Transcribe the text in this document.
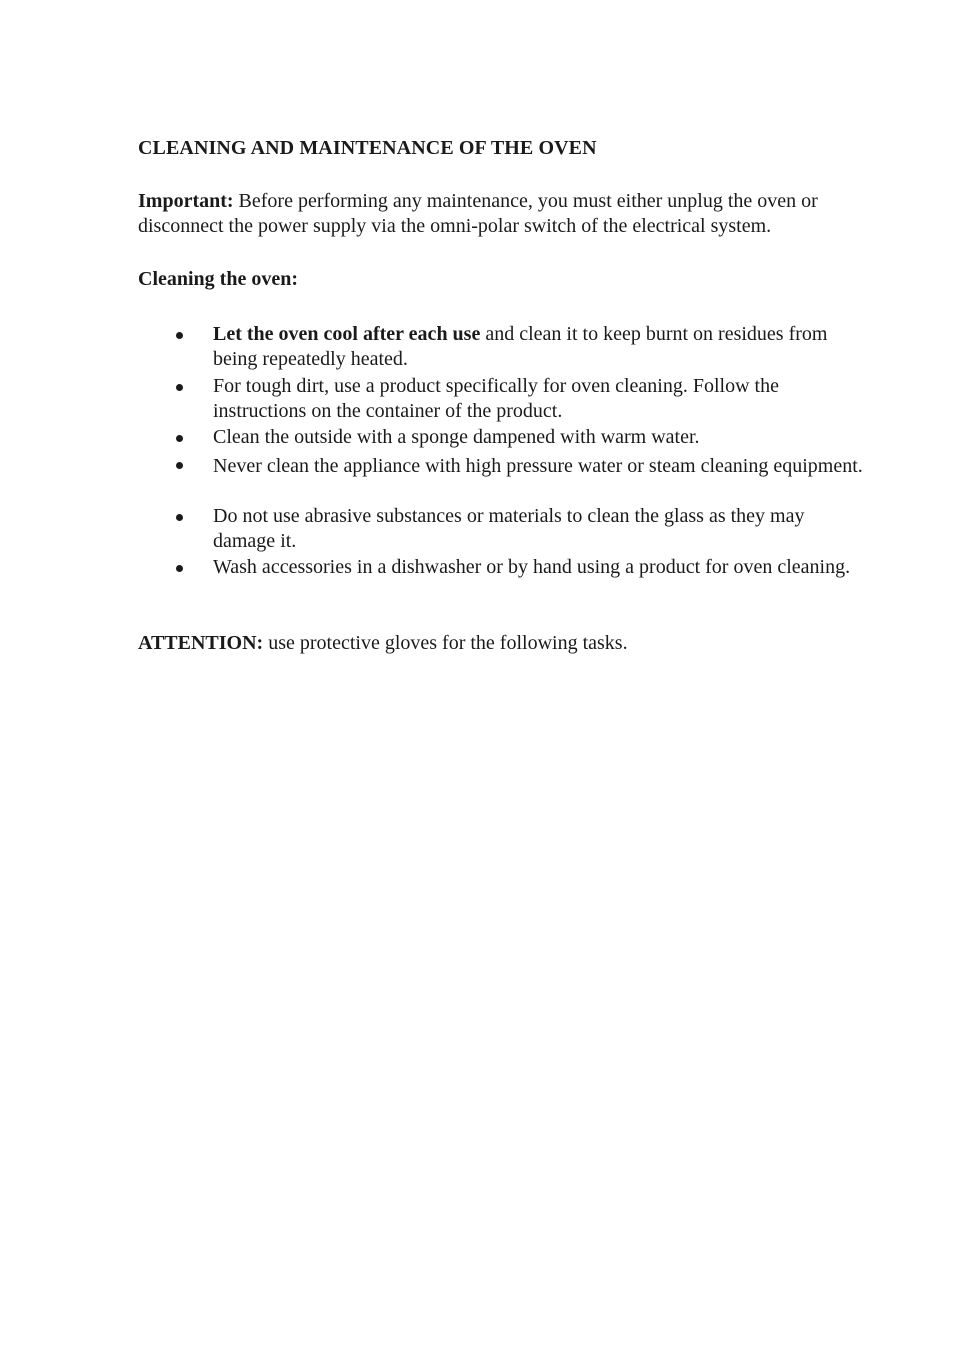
CLEANING AND MAINTENANCE OF THE OVEN

Important: Before performing any maintenance, you must either unplug the oven or disconnect the power supply via the omni-polar switch of the electrical system.

Cleaning the oven:
Let the oven cool after each use and clean it to keep burnt on residues from being repeatedly heated.
For tough dirt, use a product specifically for oven cleaning. Follow the instructions on the container of the product.
Clean the outside with a sponge dampened with warm water.
Never clean the appliance with high pressure water or steam cleaning equipment.
Do not use abrasive substances or materials to clean the glass as they may damage it.
Wash accessories in a dishwasher or by hand using a product for oven cleaning.

ATTENTION: use protective gloves for the following tasks.
